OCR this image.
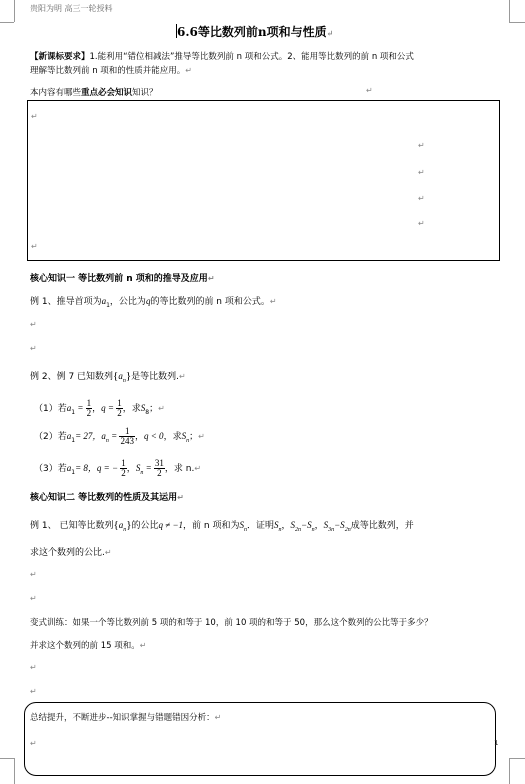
贵阳为明 高三一轮授料
6.6等比数列前n项和与性质↵
【新课标要求】1.能利用“错位相减法”推导等比数列前 n 项和公式。2、能用等比数列的前 n 项和公式
理解等比数列前 n 项和的性质并能应用。↵
本内容有哪些重点必会知识知识？	↵
↵
↵
↵
↵
↵
↵
核心知识一 等比数列前 n 项和的推导及应用↵
例 1、推导首项为$a_1$，公比为q的等比数列的前 n 项和公式。↵
↵
↵
例 2、例 7 已知数列$\{a_n\}$是等比数列.↵
（1）若$a_1 = \frac{1}{2}$ ，$q = \frac{1}{2}$ ，求$S_8$；↵
（2）若$a_1= 27$，$a_n = \frac{1}{243}$ ，q < 0，求$S_n$；↵
（3）若$a_1= 8$，q = − $\frac{1}{2}$ ，$S_n = \frac{31}{2}$ ，求 n.↵
核心知识二 等比数列的性质及其运用↵
例 1、 已知等比数列$\{a_n\}$的公比q ≠ −1，前 n 项和为$S_n$．证明$S_n$，$S_{2n}-S_n$，$S_{3n}-S_{2n}$成等比数列，并
求这个数列的公比.↵
↵
↵
变式训练：如果一个等比数列前 5 项的和等于 10，前 10 项的和等于 50，那么这个数列的公比等于多少？
并求这个数列的前 15 项和。↵
↵
↵
总结提升，不断进步--知识掌握与错题错因分析：↵
↵	1
